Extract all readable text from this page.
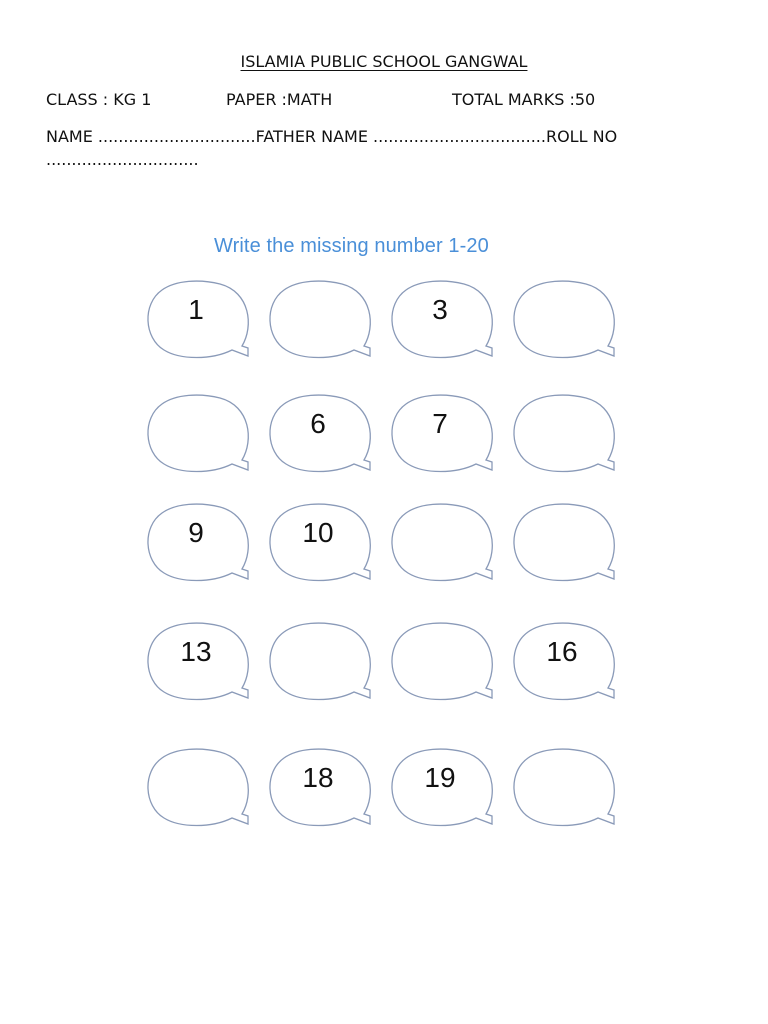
ISLAMIA PUBLIC SCHOOL GANGWAL
CLASS : KG 1	PAPER :MATH	TOTAL MARKS :50
NAME ...............................FATHER NAME ..................................ROLL NO
..............................
Write the missing number 1-20
1	3
6	7
9	10
13	16
18	19
